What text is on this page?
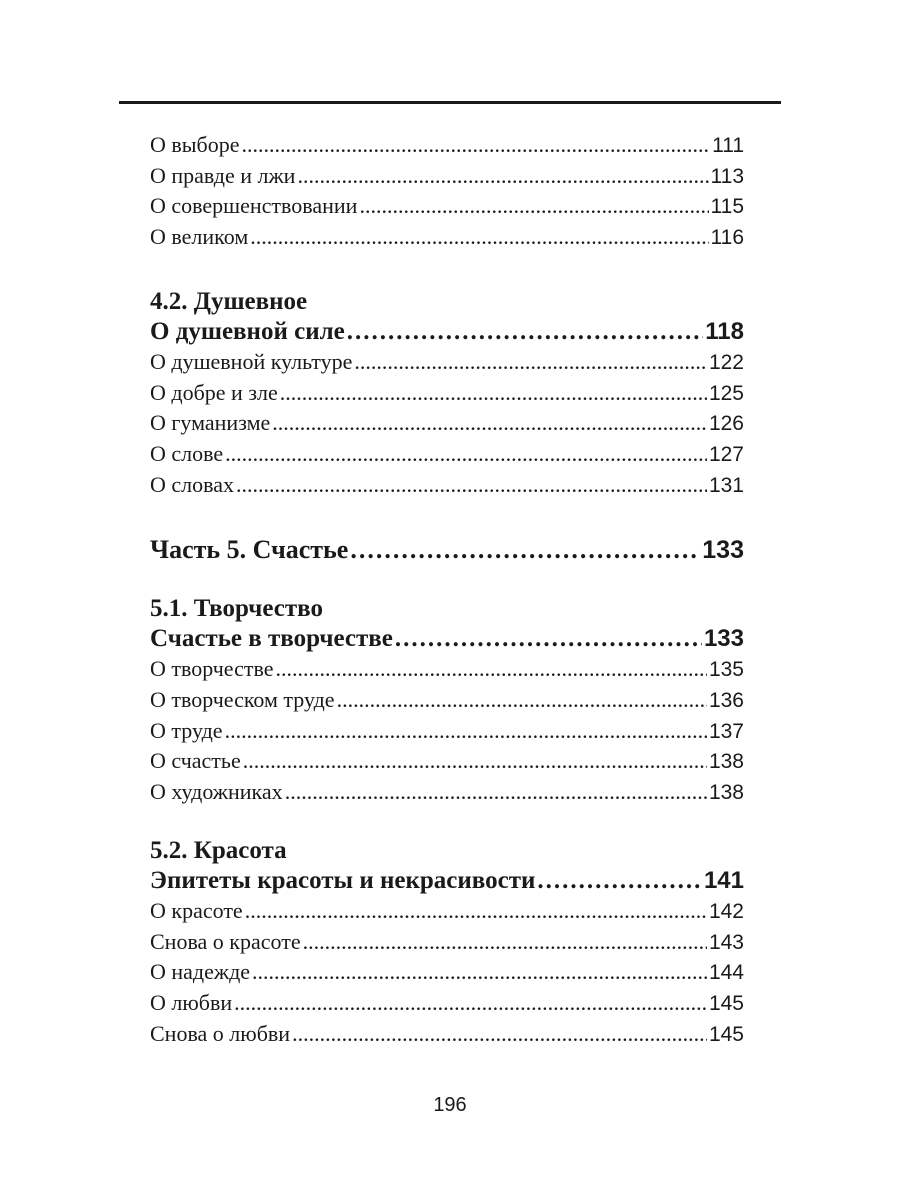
О выборе .....	111
О правде и лжи .....	113
О совершенствовании .....	115
О великом .....	116
4.2. Душевное
О душевной силе .....	118
О душевной культуре .....	122
О добре и зле .....	125
О гуманизме .....	126
О слове .....	127
О словах .....	131
Часть 5. Счастье .....	133
5.1. Творчество
Счастье в творчестве .....	133
О творчестве .....	135
О творческом труде .....	136
О труде .....	137
О счастье .....	138
О художниках .....	138
5.2. Красота
Эпитеты красоты и некрасивости .....	141
О красоте .....	142
Снова о красоте .....	143
О надежде .....	144
О любви .....	145
Снова о любви .....	145
196
